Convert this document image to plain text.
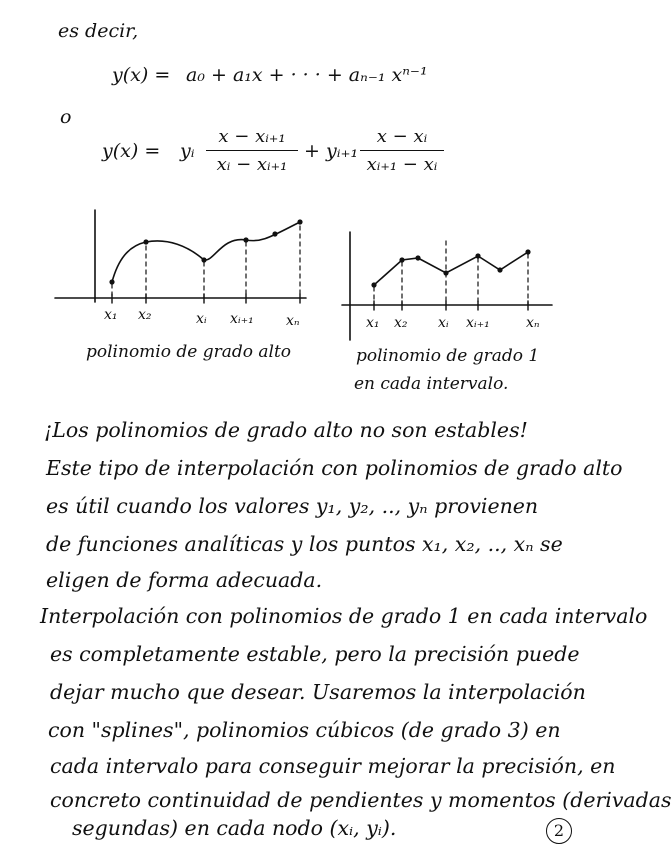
es decir,
y(x) = a₀ + a₁x + · · · + aₙ₋₁ xⁿ⁻¹
o
y(x) = yᵢ $\frac{\text{x − xᵢ₊₁}}{\text{xᵢ − xᵢ₊₁}}$ + yᵢ₊₁ $\frac{\text{x − xᵢ}}{\text{xᵢ₊₁ − xᵢ}}$
x₁ x₂	xᵢ xᵢ₊₁ xₙ
polinomio de grado alto
x₁ x₂ xᵢ xᵢ₊₁	xₙ
polinomio de grado 1
en cada intervalo.
¡Los polinomios de grado alto no son estables!
Este tipo de interpolación con polinomios de grado alto
es útil cuando los valores y₁, y₂, .., yₙ provienen
de funciones analíticas y los puntos x₁, x₂, .., xₙ se
eligen de forma adecuada.
Interpolación con polinomios de grado 1 en cada intervalo
es completamente estable, pero la precisión puede
dejar mucho que desear. Usaremos la interpolación
con "splines", polinomios cúbicos (de grado 3) en
cada intervalo para conseguir mejorar la precisión, en
concreto continuidad de pendientes y momentos (derivadas
segundas) en cada nodo (xᵢ, yᵢ).	2
